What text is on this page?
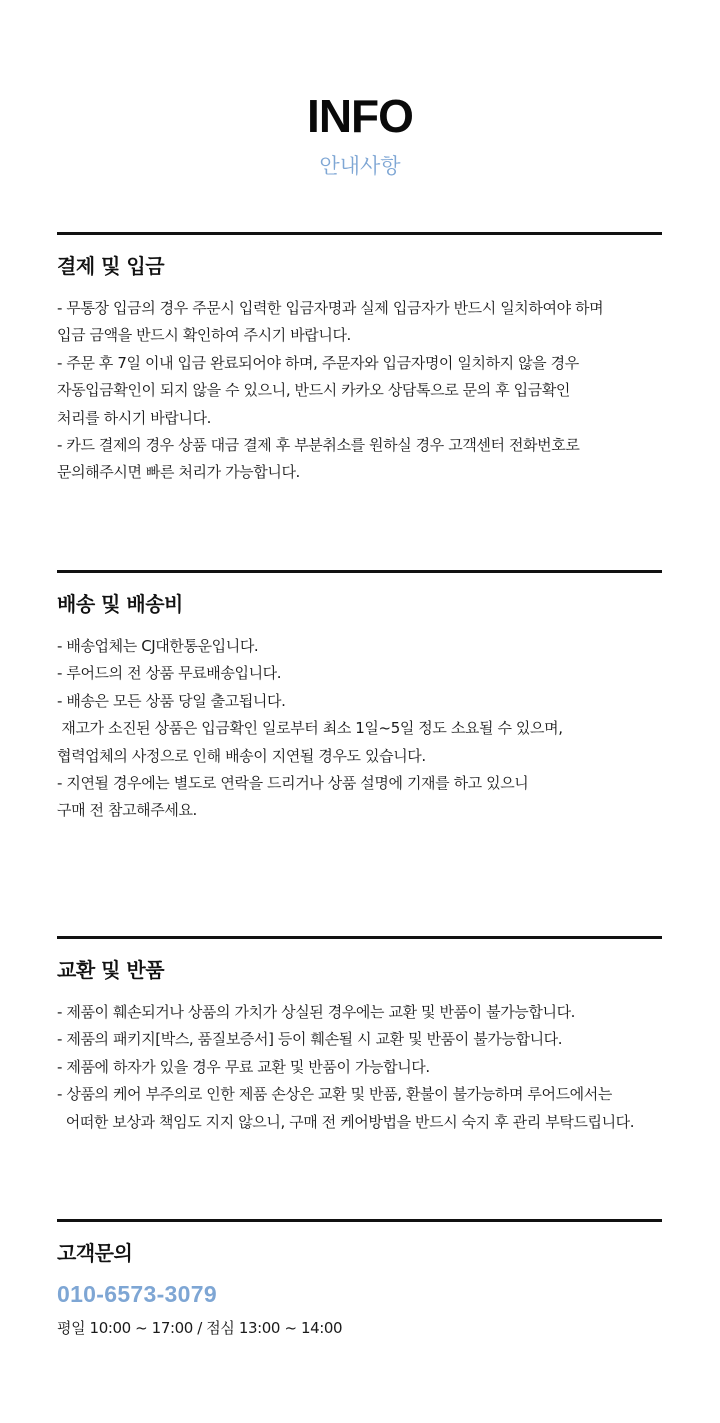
INFO
안내사항
결제 및 입금
- 무통장 입금의 경우 주문시 입력한 입금자명과 실제 입금자가 반드시 일치하여야 하며
입금 금액을 반드시 확인하여 주시기 바랍니다.
- 주문 후 7일 이내 입금 완료되어야 하며, 주문자와 입금자명이 일치하지 않을 경우
자동입금확인이 되지 않을 수 있으니, 반드시 카카오 상담톡으로 문의 후 입금확인
처리를 하시기 바랍니다.
- 카드 결제의 경우 상품 대금 결제 후 부분취소를 원하실 경우 고객센터 전화번호로
문의해주시면 빠른 처리가 가능합니다.
배송 및 배송비
- 배송업체는 CJ대한통운입니다.
- 루어드의 전 상품 무료배송입니다.
- 배송은 모든 상품 당일 출고됩니다.
재고가 소진된 상품은 입금확인 일로부터 최소 1일~5일 정도 소요될 수 있으며,
협력업체의 사정으로 인해 배송이 지연될 경우도 있습니다.
- 지연될 경우에는 별도로 연락을 드리거나 상품 설명에 기재를 하고 있으니
구매 전 참고해주세요.
교환 및 반품
- 제품이 훼손되거나 상품의 가치가 상실된 경우에는 교환 및 반품이 불가능합니다.
- 제품의 패키지[박스, 품질보증서] 등이 훼손될 시 교환 및 반품이 불가능합니다.
- 제품에 하자가 있을 경우 무료 교환 및 반품이 가능합니다.
- 상품의 케어 부주의로 인한 제품 손상은 교환 및 반품, 환불이 불가능하며 루어드에서는
어떠한 보상과 책임도 지지 않으니, 구매 전 케어방법을 반드시 숙지 후 관리 부탁드립니다.
고객문의
010-6573-3079
평일 10:00 ~ 17:00 / 점심 13:00 ~ 14:00
